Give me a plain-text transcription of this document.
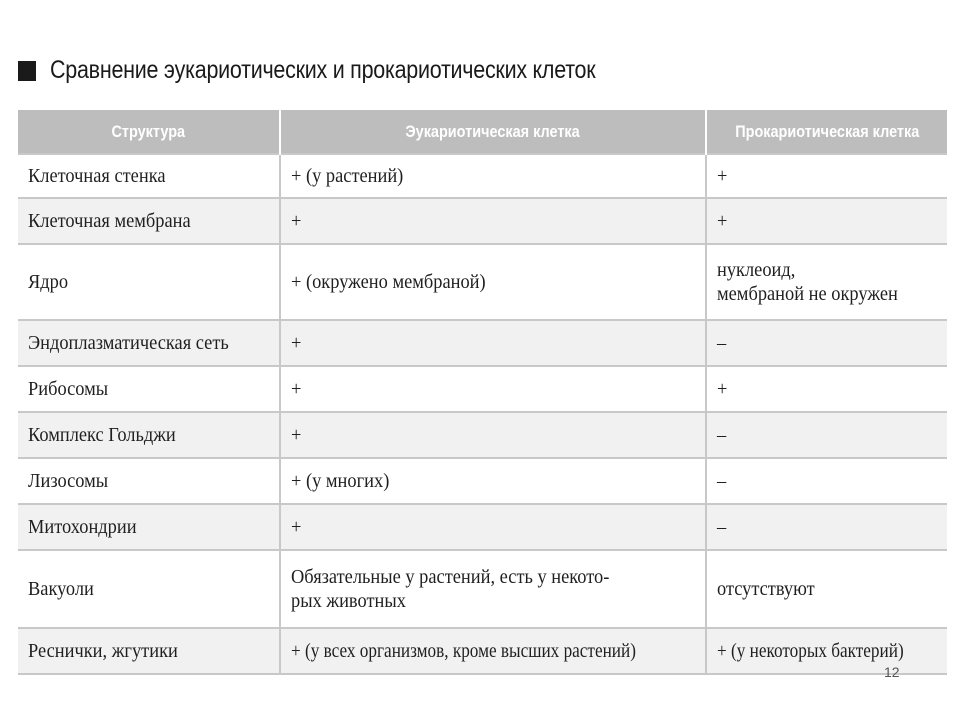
Сравнение эукариотических и прокариотических клеток
Структура	Эукариотическая клетка	Прокариотическая клетка
Клеточная стенка	+ (у растений)	+
Клеточная мембрана	+	+
Ядро	+ (окружено мембраной)	нуклеоид,
мембраной не окружен
Эндоплазматическая сеть	+	–
Рибосомы	+	+
Комплекс Гольджи	+	–
Лизосомы	+ (у многих)	–
Митохондрии	+	–
Вакуоли	Обязательные у растений, есть у некото-
рых животных	отсутствуют
Реснички, жгутики	+ (у всех организмов, кроме высших растений)	+ (у некоторых бактерий)
12
